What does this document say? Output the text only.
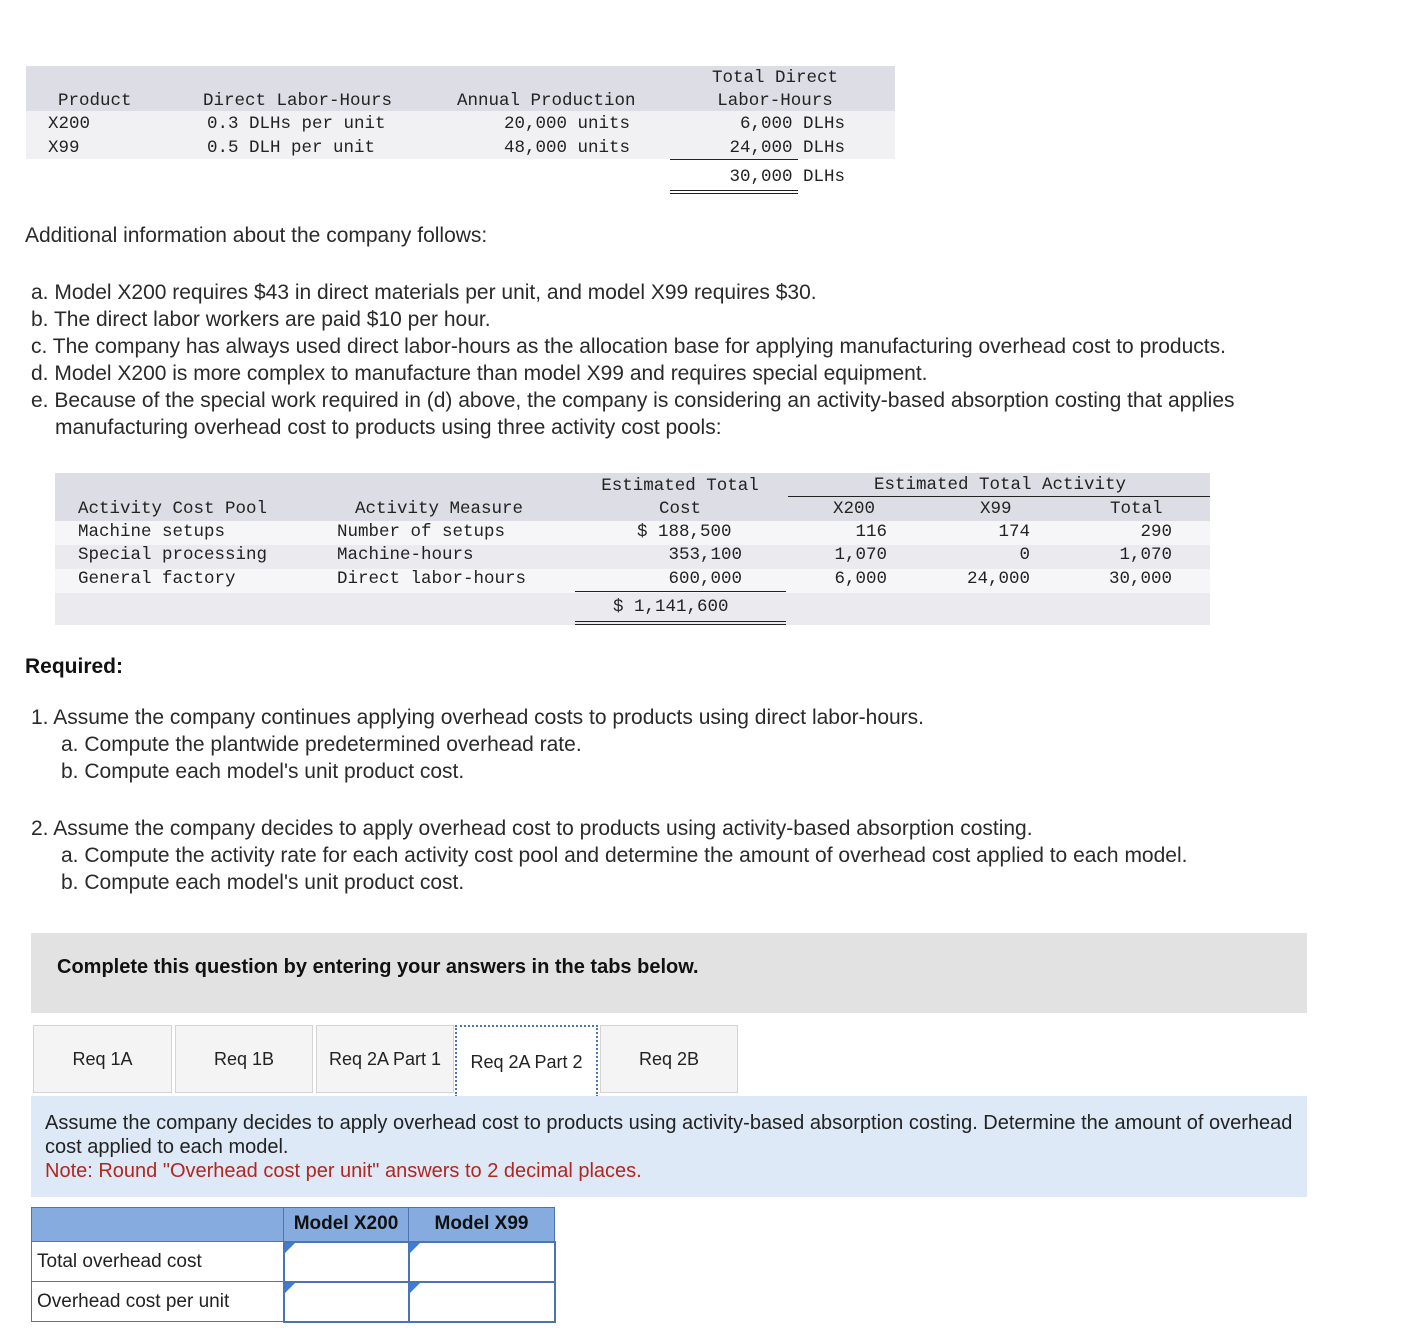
Product	Direct Labor-Hours	Annual Production
Total Direct
Labor-Hours
X200	0.3 DLHs per unit	20,000 units	6,000 DLHs
X99	0.5 DLH per unit	48,000 units	24,000 DLHs
30,000 DLHs
Additional information about the company follows:
a. Model X200 requires $43 in direct materials per unit, and model X99 requires $30.
b. The direct labor workers are paid $10 per hour.
c. The company has always used direct labor-hours as the allocation base for applying manufacturing overhead cost to products.
d. Model X200 is more complex to manufacture than model X99 and requires special equipment.
e. Because of the special work required in (d) above, the company is considering an activity-based absorption costing that applies
manufacturing overhead cost to products using three activity cost pools:
Estimated Total	Estimated Total Activity
Activity Cost Pool	Activity Measure	Cost	X200	X99	Total
Machine setups	Number of setups	$ 188,500	116	174	290
Special processing	Machine-hours	353,100	1,070	0	1,070
General factory	Direct labor-hours	600,000	6,000	24,000	30,000
$ 1,141,600
Required:
1. Assume the company continues applying overhead costs to products using direct labor-hours.
a. Compute the plantwide predetermined overhead rate.
b. Compute each model's unit product cost.
2. Assume the company decides to apply overhead cost to products using activity-based absorption costing.
a. Compute the activity rate for each activity cost pool and determine the amount of overhead cost applied to each model.
b. Compute each model's unit product cost.
Complete this question by entering your answers in the tabs below.
Req 1A	Req 1B	Req 2A Part 1	Req 2A Part 2	Req 2B
Assume the company decides to apply overhead cost to products using activity-based absorption costing. Determine the amount of overhead cost applied to each model.
Note: Round "Overhead cost per unit" answers to 2 decimal places.
	Model X200	Model X99
Total overhead cost	

Overhead cost per unit	
